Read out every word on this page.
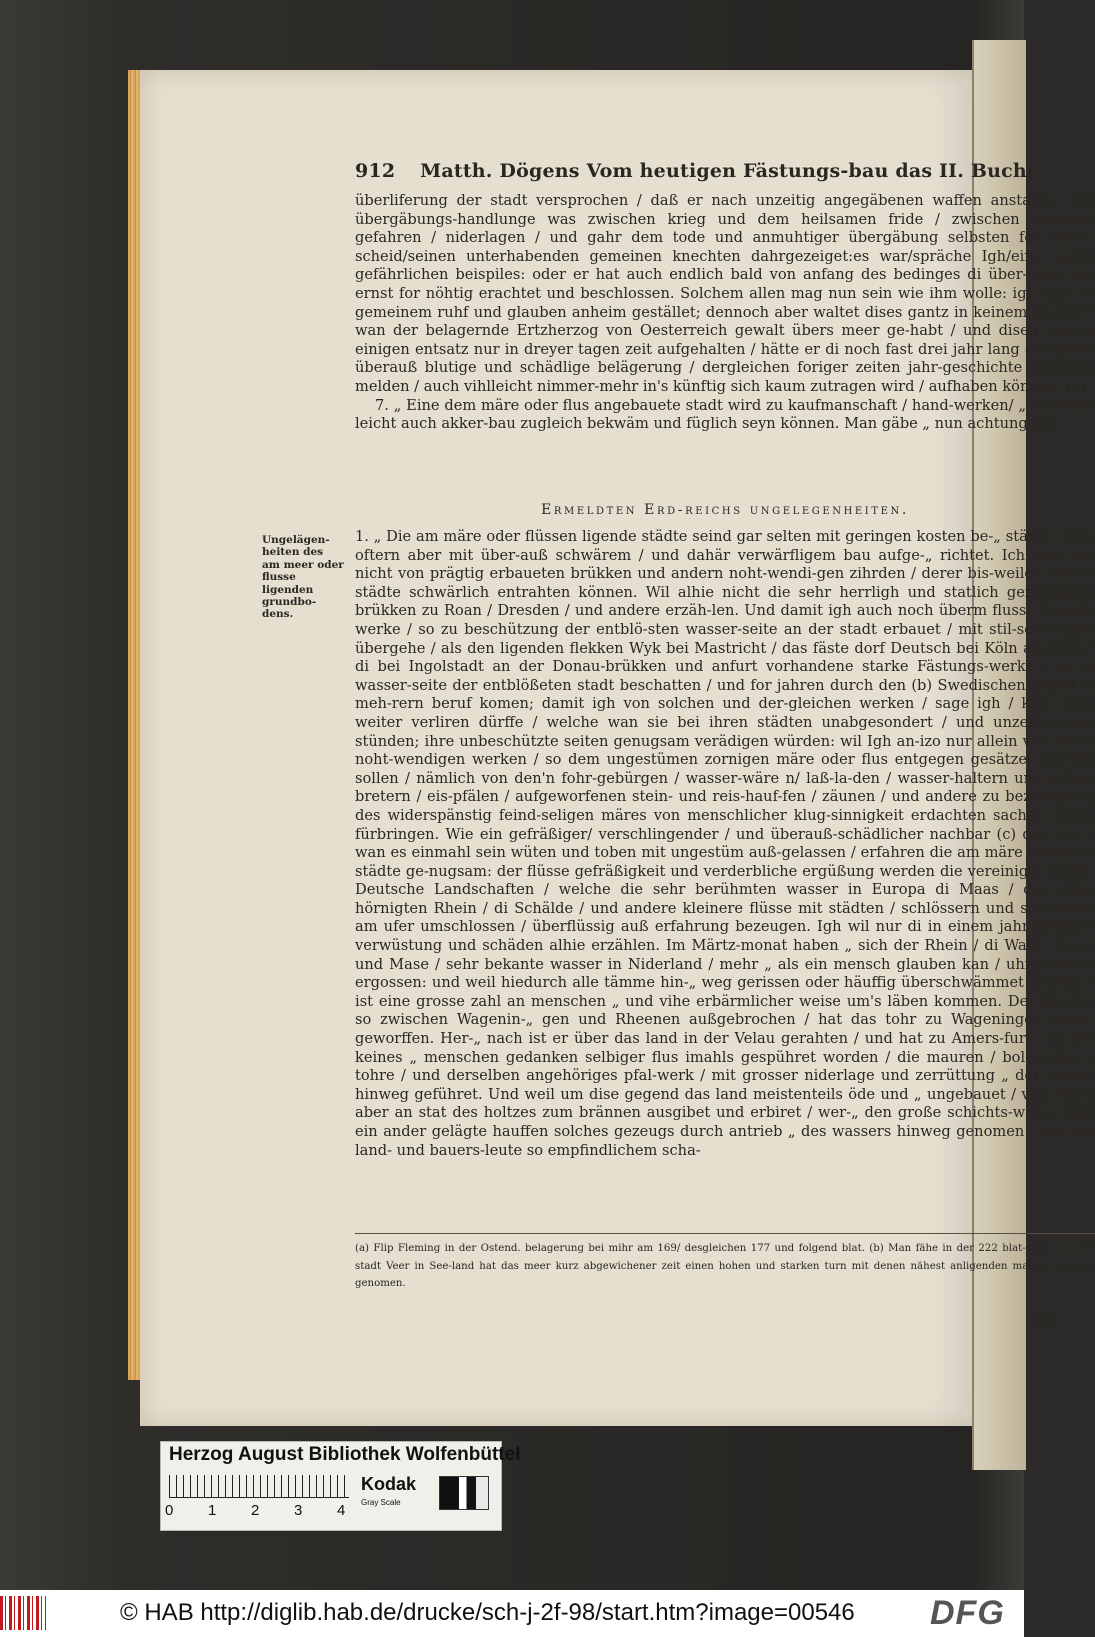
912 Matth. Dögens Vom heutigen Fästungs-bau das II. Buch/

überliferung der stadt versprochen / daß er nach unzeitig angegäbenen waffen anstande und übergäbungs-handlunge was zwischen krieg und dem heilsamen fride / zwischen wunden/ gefahren / niderlagen / und gahr dem tode und anmuhtiger übergäbung selbsten for unter-scheid/seinen unterhabenden gemeinen knechten dahrgezeiget:es war/spräche Igh/eine sache gefährlichen beispiles: oder er hat auch endlich bald von anfang des bedinges di über-gabe mit ernst for nöhtig erachtet und beschlossen. Solchem allen mag nun sein wie ihm wolle: igh laße es gemeinem ruhf und glauben anheim gestället; dennoch aber waltet dises gantz in keinem zweifel / wan der belagernde Ertzherzog von Oesterreich gewalt übers meer ge-habt / und disen spaten einigen entsatz nur in dreyer tagen zeit aufgehalten / hätte er di noch fast drei jahr lang gewährte überauß blutige und schädlige belägerung / dergleichen foriger zeiten jahr-geschichte nirgends melden / auch vihlleicht nimmer-mehr in's künftig sich kaum zutragen wird / aufhaben können. (a)

7. „ Eine dem märe oder flus angebauete stadt wird zu kaufmanschaft / hand-werken/ „ und viel-leicht auch akker-bau zugleich bekwäm und füglich seyn können. Man gäbe „ nun achtung auf

Ermeldten Erd-reichs ungelegenheiten.
Ungelägen-heiten des am meer oder flusse ligenden grundbo-dens.

1. „ Die am märe oder flüssen ligende städte seind gar selten mit geringen kosten be-„ stärkt / zum oftern aber mit über-auß schwärem / und dahär verwärfligem bau aufge-„ richtet. Ich räde izo nicht von prägtig erbaueten brükken und andern noht-wendi-gen zihrden / derer bis-weilen solche städte schwärlich entrahten können. Wil alhie nicht die sehr herrligh und statlich gezimmerte brükken zu Roan / Dresden / und andere erzäh-len. Und damit igh auch noch überm flusse ligende werke / so zu beschützung der entblö-sten wasser-seite an der stadt erbauet / mit stil-schweigen übergehe / als den ligenden flekken Wyk bei Mastricht / das fäste dorf Deutsch bei Köln am Rein / di bei Ingolstadt an der Donau-brükken und anfurt vorhandene starke Fästungs-werke / so di wasser-seite der entblößeten stadt beschatten / und for jahren durch den (b) Swedischen angrif in meh-rern beruf komen; damit igh von solchen und der-gleichen werken / sage igh / kein wort weiter verliren dürffe / welche wan sie bei ihren städten unabgesondert / und unzertren-net stünden; ihre unbeschützte seiten genugsam verädigen würden: wil Igh an-izo nur allein von den'n noht-wendigen werken / so dem ungestümen zornigen märe oder flus entgegen gesätzet werden sollen / nämlich von den'n fohr-gebürgen / wasser-wäre n/ laß-la-den / wasser-haltern und schos-bretern / eis-pfälen / aufgeworfenen stein- und reis-hauf-fen / zäunen / und andere zu bezwingung des widerspänstig feind-seligen märes von menschlicher klug-sinnigkeit erdachten sachen etwas fürbringen. Wie ein gefräßiger/ verschlingender / und überauß-schädlicher nachbar (c) das mär / wan es einmahl sein wüten und toben mit ungestüm auß-gelassen / erfahren die am märe belägene städte ge-nugsam: der flüsse gefräßigkeit und verderbliche ergüßung werden die vereinigte Nider-Deutsche Landschaften / welche die sehr berühmten wasser in Europa di Maas / den drei-hörnigten Rhein / di Schälde / und andere kleinere flüsse mit städten / schlössern und schantzen am ufer umschlossen / überflüssig auß erfahrung bezeugen. Igh wil nur di in einem jahr getahne verwüstung und schäden alhie erzählen. Im Märtz-monat haben „ sich der Rhein / di Wahl / Isel / und Mase / sehr bekante wasser in Niderland / mehr „ als ein mensch glauben kan / uhrplötzlich ergossen: und weil hiedurch alle tämme hin-„ weg gerissen oder häuffig überschwämmet worden / ist eine grosse zahl an menschen „ und vihe erbärmlicher weise um's läben kommen. Der Rhein / so zwischen Wagenin-„ gen und Rheenen außgebrochen / hat das tohr zu Wageningen nider-geworffen. Her-„ nach ist er über das land in der Velau gerahten / und hat zu Amers-furt / da bei keines „ menschen gedanken selbiger flus imahls gespühret worden / die mauren / bol-werke/ „ tohre / und derselben angehöriges pfal-werk / mit grosser niderlage und zerrüttung „ der stadt / hinweg geführet. Und weil um dise gegend das land meistenteils öde und „ ungebauet / vihl rasen aber an stat des holtzes zum brännen ausgibet und erbiret / wer-„ den große schichts-weise über ein ander gelägte hauffen solches gezeugs durch antrieb „ des wassers hinweg genomen / mit der land- und bauers-leute so empfindlichem scha-

(a) Flip Fleming in der Ostend. belagerung bei mihr am 169/ desgleichen 177 und folgend blat. (b) Man fähe in der 222 blat-seite. (c) Der stadt Veer in See-land hat das meer kurz abgewichener zeit einen hohen und starken turn mit denen nähest anligenden mauren hinweg genomen.
„ den/
Herzog August Bibliothek Wolfenbüttel
0 1 2 3 4
Kodak
Gray Scale
© HAB http://diglib.hab.de/drucke/sch-j-2f-98/start.htm?image=00546 DFG
